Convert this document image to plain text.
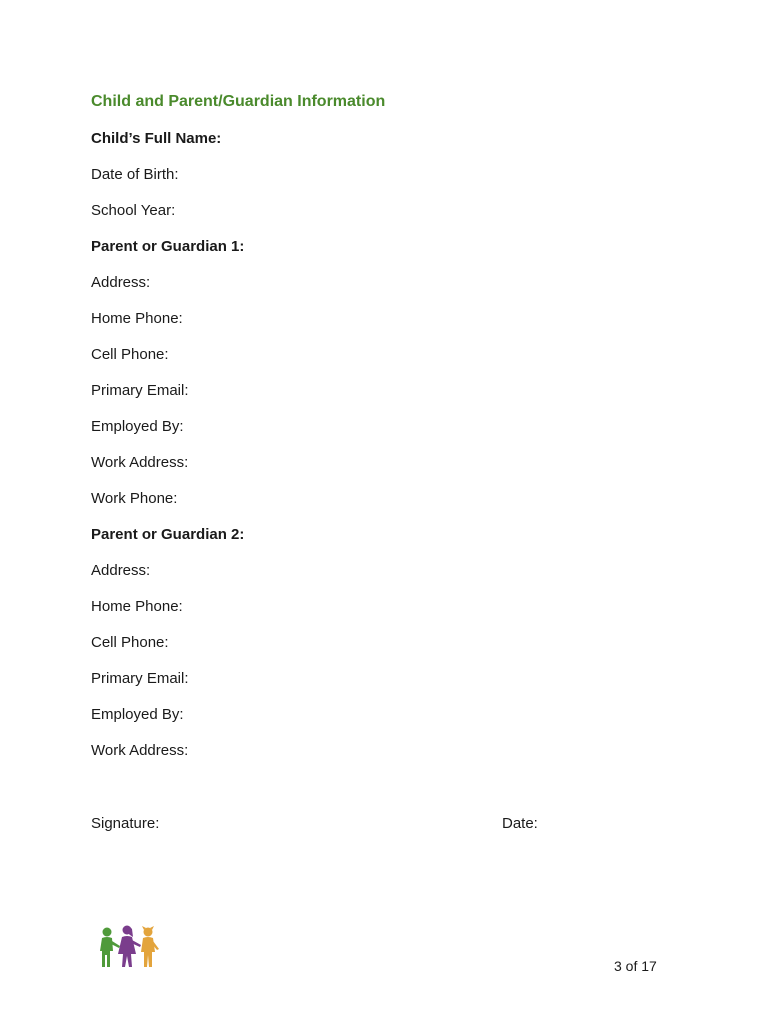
Child and Parent/Guardian Information
Child’s Full Name:
Date of Birth:
School Year:
Parent or Guardian 1:
Address:
Home Phone:
Cell Phone:
Primary Email:
Employed By:
Work Address:
Work Phone:
Parent or Guardian 2:
Address:
Home Phone:
Cell Phone:
Primary Email:
Employed By:
Work Address:
Signature:	Date:
3 of 17
